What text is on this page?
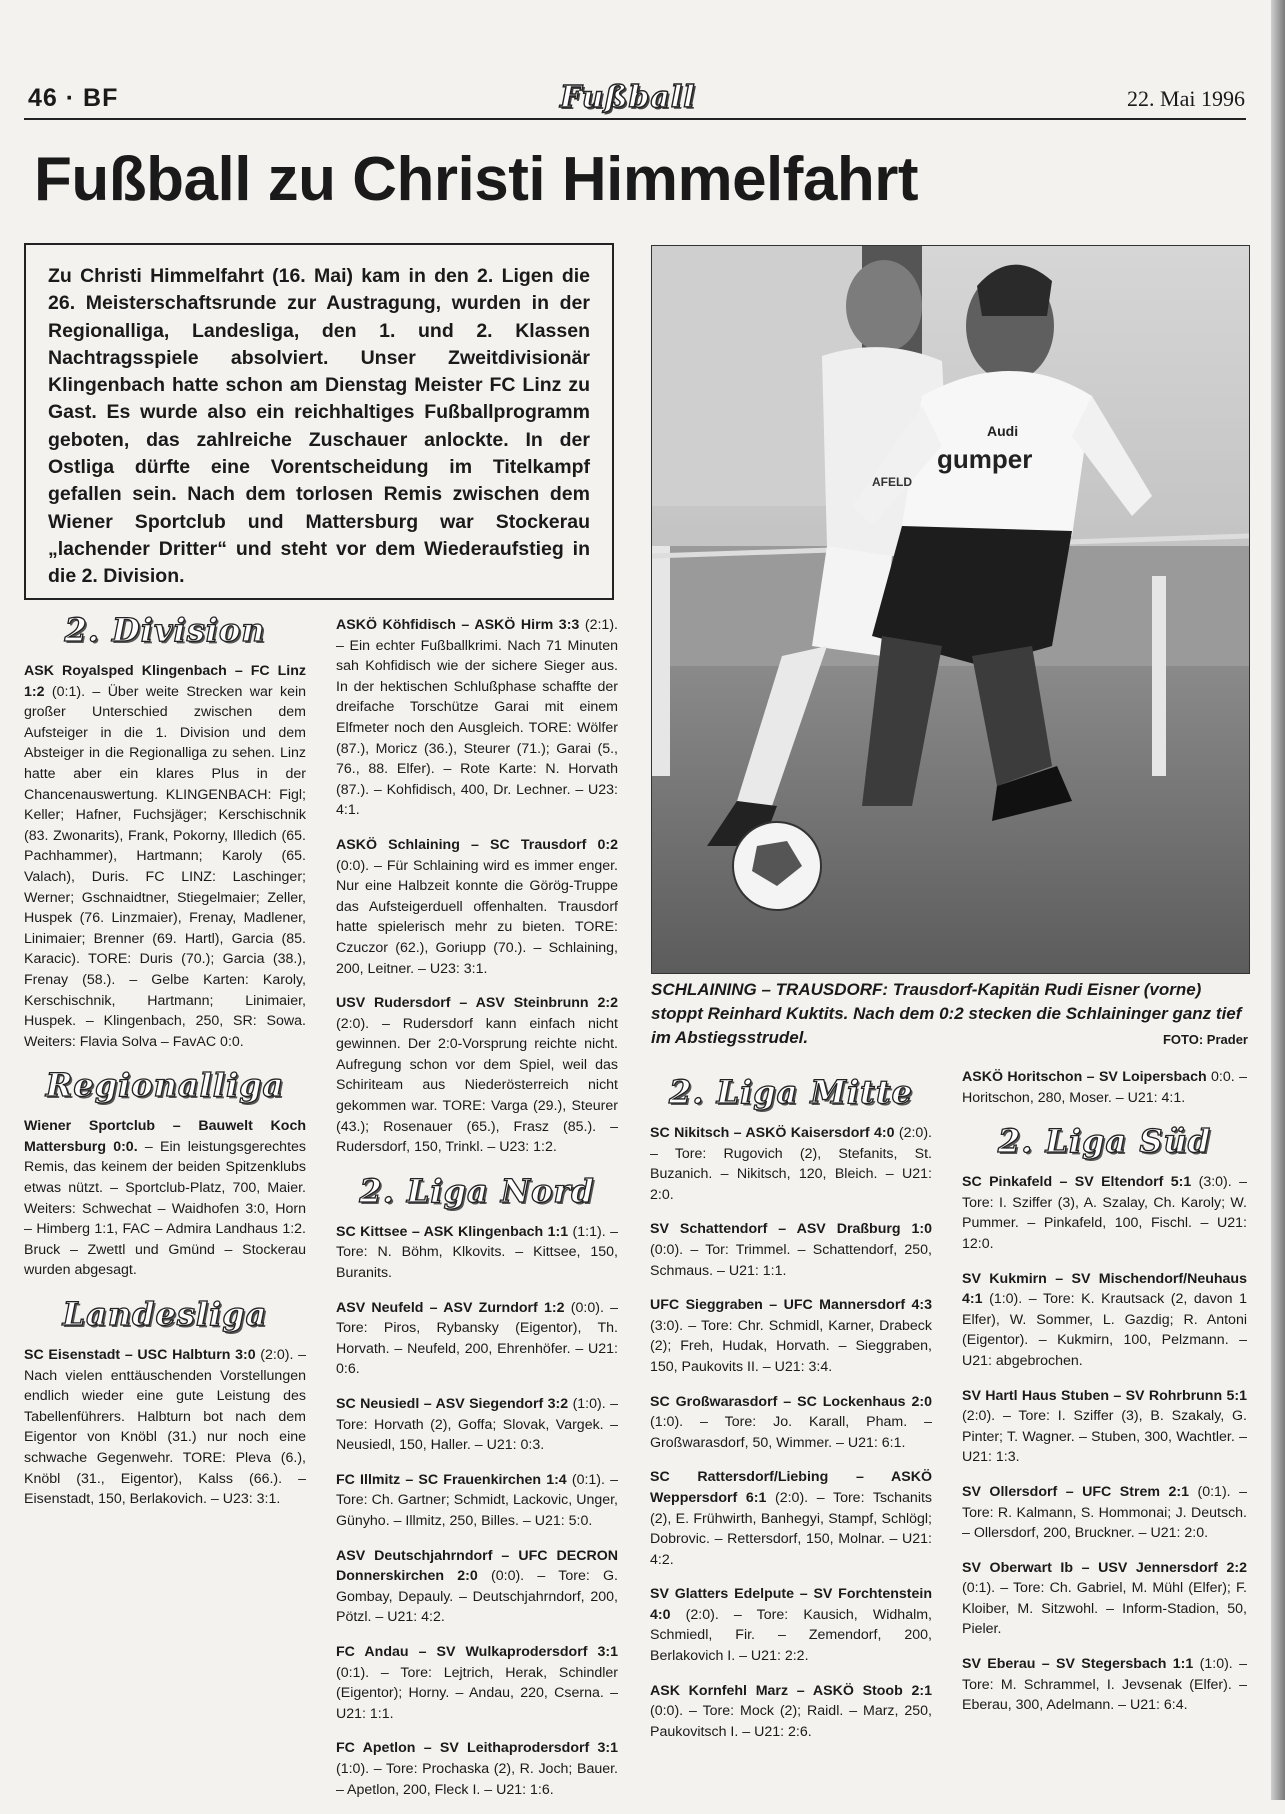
46 · BF	Fußball	22. Mai 1996
Fußball zu Christi Himmelfahrt

Zu Christi Himmelfahrt (16. Mai) kam in den 2. Ligen die 26. Meisterschaftsrunde zur Austragung, wurden in der Regionalliga, Landesliga, den 1. und 2. Klassen Nachtragsspiele absolviert. Unser Zweitdivisionär Klingenbach hatte schon am Dienstag Meister FC Linz zu Gast. Es wurde also ein reichhaltiges Fußballprogramm geboten, das zahlreiche Zuschauer anlockte. In der Ostliga dürfte eine Vorentscheidung im Titelkampf gefallen sein. Nach dem torlosen Remis zwischen dem Wiener Sportclub und Mattersburg war Stockerau „lachender Dritter“ und steht vor dem Wiederaufstieg in die 2. Division.

gumper
Audi
AFELD
SCHLAINING – TRAUSDORF: Trausdorf-Kapitän Rudi Eisner (vorne) stoppt Reinhard Kuktits. Nach dem 0:2 stecken die Schlaininger ganz tief im Abstiegsstrudel.	FOTO: Prader
2. Division

ASK Royalsped Klingenbach – FC Linz 1:2 (0:1). – Über weite Strecken war kein großer Unterschied zwischen dem Aufsteiger in die 1. Division und dem Absteiger in die Regionalliga zu sehen. Linz hatte aber ein klares Plus in der Chancenauswertung. KLINGENBACH: Figl; Keller; Hafner, Fuchsjäger; Kerschischnik (83. Zwonarits), Frank, Pokorny, Illedich (65. Pachhammer), Hartmann; Karoly (65. Valach), Duris. FC LINZ: Laschinger; Werner; Gschnaidtner, Stiegelmaier; Zeller, Huspek (76. Linzmaier), Frenay, Madlener, Linimaier; Brenner (69. Hartl), Garcia (85. Karacic). TORE: Duris (70.); Garcia (38.), Frenay (58.). – Gelbe Karten: Karoly, Kerschischnik, Hartmann; Linimaier, Huspek. – Klingenbach, 250, SR: Sowa. Weiters: Flavia Solva – FavAC 0:0.

Regionalliga

Wiener Sportclub – Bauwelt Koch Mattersburg 0:0. – Ein leistungsgerechtes Remis, das keinem der beiden Spitzenklubs etwas nützt. – Sportclub-Platz, 700, Maier. Weiters: Schwechat – Waidhofen 3:0, Horn – Himberg 1:1, FAC – Admira Landhaus 1:2. Bruck – Zwettl und Gmünd – Stockerau wurden abgesagt.

Landesliga

SC Eisenstadt – USC Halbturn 3:0 (2:0). – Nach vielen enttäuschenden Vorstellungen endlich wieder eine gute Leistung des Tabellenführers. Halbturn bot nach dem Eigentor von Knöbl (31.) nur noch eine schwache Gegenwehr. TORE: Pleva (6.), Knöbl (31., Eigentor), Kalss (66.). – Eisenstadt, 150, Berlakovich. – U23: 3:1.

ASKÖ Köhfidisch – ASKÖ Hirm 3:3 (2:1). – Ein echter Fußballkrimi. Nach 71 Minuten sah Kohfidisch wie der sichere Sieger aus. In der hektischen Schlußphase schaffte der dreifache Torschütze Garai mit einem Elfmeter noch den Ausgleich. TORE: Wölfer (87.), Moricz (36.), Steurer (71.); Garai (5., 76., 88. Elfer). – Rote Karte: N. Horvath (87.). – Kohfidisch, 400, Dr. Lechner. – U23: 4:1.

ASKÖ Schlaining – SC Trausdorf 0:2 (0:0). – Für Schlaining wird es immer enger. Nur eine Halbzeit konnte die Görög-Truppe das Aufsteigerduell offenhalten. Trausdorf hatte spielerisch mehr zu bieten. TORE: Czuczor (62.), Goriupp (70.). – Schlaining, 200, Leitner. – U23: 3:1.

USV Rudersdorf – ASV Steinbrunn 2:2 (2:0). – Rudersdorf kann einfach nicht gewinnen. Der 2:0-Vorsprung reichte nicht. Aufregung schon vor dem Spiel, weil das Schiriteam aus Niederösterreich nicht gekommen war. TORE: Varga (29.), Steurer (43.); Rosenauer (65.), Frasz (85.). – Rudersdorf, 150, Trinkl. – U23: 1:2.

2. Liga Nord

SC Kittsee – ASK Klingenbach 1:1 (1:1). – Tore: N. Böhm, Klkovits. – Kittsee, 150, Buranits.

ASV Neufeld – ASV Zurndorf 1:2 (0:0). – Tore: Piros, Rybansky (Eigentor), Th. Horvath. – Neufeld, 200, Ehrenhöfer. – U21: 0:6.

SC Neusiedl – ASV Siegendorf 3:2 (1:0). – Tore: Horvath (2), Goffa; Slovak, Vargek. – Neusiedl, 150, Haller. – U21: 0:3.

FC Illmitz – SC Frauenkirchen 1:4 (0:1). – Tore: Ch. Gartner; Schmidt, Lackovic, Unger, Günyho. – Illmitz, 250, Billes. – U21: 5:0.

ASV Deutschjahrndorf – UFC DECRON Donnerskirchen 2:0 (0:0). – Tore: G. Gombay, Depauly. – Deutschjahrndorf, 200, Pötzl. – U21: 4:2.

FC Andau – SV Wulkaprodersdorf 3:1 (0:1). – Tore: Lejtrich, Herak, Schindler (Eigentor); Horny. – Andau, 220, Cserna. – U21: 1:1.

FC Apetlon – SV Leithaprodersdorf 3:1 (1:0). – Tore: Prochaska (2), R. Joch; Bauer. – Apetlon, 200, Fleck I. – U21: 1:6.

2. Liga Mitte

SC Nikitsch – ASKÖ Kaisersdorf 4:0 (2:0). – Tore: Rugovich (2), Stefanits, St. Buzanich. – Nikitsch, 120, Bleich. – U21: 2:0.

SV Schattendorf – ASV Draßburg 1:0 (0:0). – Tor: Trimmel. – Schattendorf, 250, Schmaus. – U21: 1:1.

UFC Sieggraben – UFC Mannersdorf 4:3 (3:0). – Tore: Chr. Schmidl, Karner, Drabeck (2); Freh, Hudak, Horvath. – Sieggraben, 150, Paukovits II. – U21: 3:4.

SC Großwarasdorf – SC Lockenhaus 2:0 (1:0). – Tore: Jo. Karall, Pham. – Großwarasdorf, 50, Wimmer. – U21: 6:1.

SC Rattersdorf/Liebing – ASKÖ Weppersdorf 6:1 (2:0). – Tore: Tschanits (2), E. Frühwirth, Banhegyi, Stampf, Schlögl; Dobrovic. – Rettersdorf, 150, Molnar. – U21: 4:2.

SV Glatters Edelpute – SV Forchtenstein 4:0 (2:0). – Tore: Kausich, Widhalm, Schmiedl, Fir. – Zemendorf, 200, Berlakovich I. – U21: 2:2.

ASK Kornfehl Marz – ASKÖ Stoob 2:1 (0:0). – Tore: Mock (2); Raidl. – Marz, 250, Paukovitsch I. – U21: 2:6.

ASKÖ Horitschon – SV Loipersbach 0:0. – Horitschon, 280, Moser. – U21: 4:1.

2. Liga Süd

SC Pinkafeld – SV Eltendorf 5:1 (3:0). – Tore: I. Sziffer (3), A. Szalay, Ch. Karoly; W. Pummer. – Pinkafeld, 100, Fischl. – U21: 12:0.

SV Kukmirn – SV Mischendorf/Neuhaus 4:1 (1:0). – Tore: K. Krautsack (2, davon 1 Elfer), W. Sommer, L. Gazdig; R. Antoni (Eigentor). – Kukmirn, 100, Pelzmann. – U21: abgebrochen.

SV Hartl Haus Stuben – SV Rohrbrunn 5:1 (2:0). – Tore: I. Sziffer (3), B. Szakaly, G. Pinter; T. Wagner. – Stuben, 300, Wachtler. – U21: 1:3.

SV Ollersdorf – UFC Strem 2:1 (0:1). – Tore: R. Kalmann, S. Hommonai; J. Deutsch. – Ollersdorf, 200, Bruckner. – U21: 2:0.

SV Oberwart Ib – USV Jennersdorf 2:2 (0:1). – Tore: Ch. Gabriel, M. Mühl (Elfer); F. Kloiber, M. Sitzwohl. – Inform-Stadion, 50, Pieler.

SV Eberau – SV Stegersbach 1:1 (1:0). – Tore: M. Schrammel, I. Jevsenak (Elfer). – Eberau, 300, Adelmann. – U21: 6:4.
